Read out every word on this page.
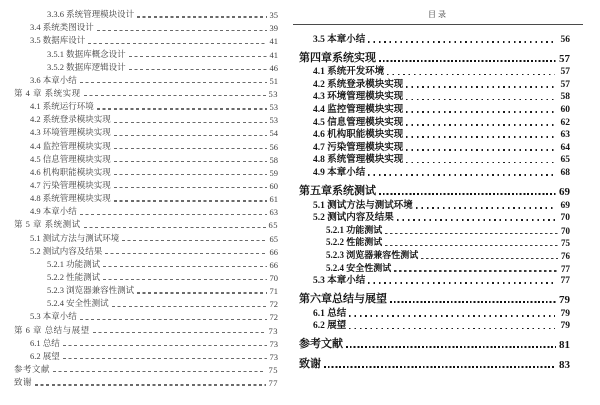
3.3.6 系统管理模块设计	35
3.4 系统类图设计	39
3.5 数据库设计	41
3.5.1 数据库概念设计	41
3.5.2 数据库逻辑设计	46
3.6 本章小结	51
第 4 章 系统实现	53
4.1 系统运行环境	53
4.2 系统登录模块实现	53
4.3 环境管理模块实现	54
4.4 监控管理模块实现	56
4.5 信息管理模块实现	58
4.6 机构职能模块实现	59
4.7 污染管理模块实现	60
4.8 系统管理模块实现	61
4.9 本章小结	63
第 5 章 系统测试	65
5.1 测试方法与测试环境	65
5.2 测试内容及结果	66
5.2.1 功能测试	66
5.2.2 性能测试	70
5.2.3 浏览器兼容性测试	71
5.2.4 安全性测试	72
5.3 本章小结	72
第 6 章 总结与展望	73
6.1 总结	73
6.2 展望	73
参考文献	75
致谢	77
目录
3.5 本章小结	56
第四章系统实现	57
4.1 系统开发环境	57
4.2 系统登录模块实现	57
4.3 环境管理模块实现	58
4.4 监控管理模块实现	60
4.5 信息管理模块实现	62
4.6 机构职能模块实现	63
4.7 污染管理模块实现	64
4.8 系统管理模块实现	65
4.9 本章小结	68
第五章系统测试	69
5.1 测试方法与测试环境	69
5.2 测试内容及结果	70
5.2.1 功能测试	70
5.2.2 性能测试	75
5.2.3 浏览器兼容性测试	76
5.2.4 安全性测试	77
5.3 本章小结	77
第六章总结与展望	79
6.1 总结	79
6.2 展望	79
参考文献	81
致谢	83
